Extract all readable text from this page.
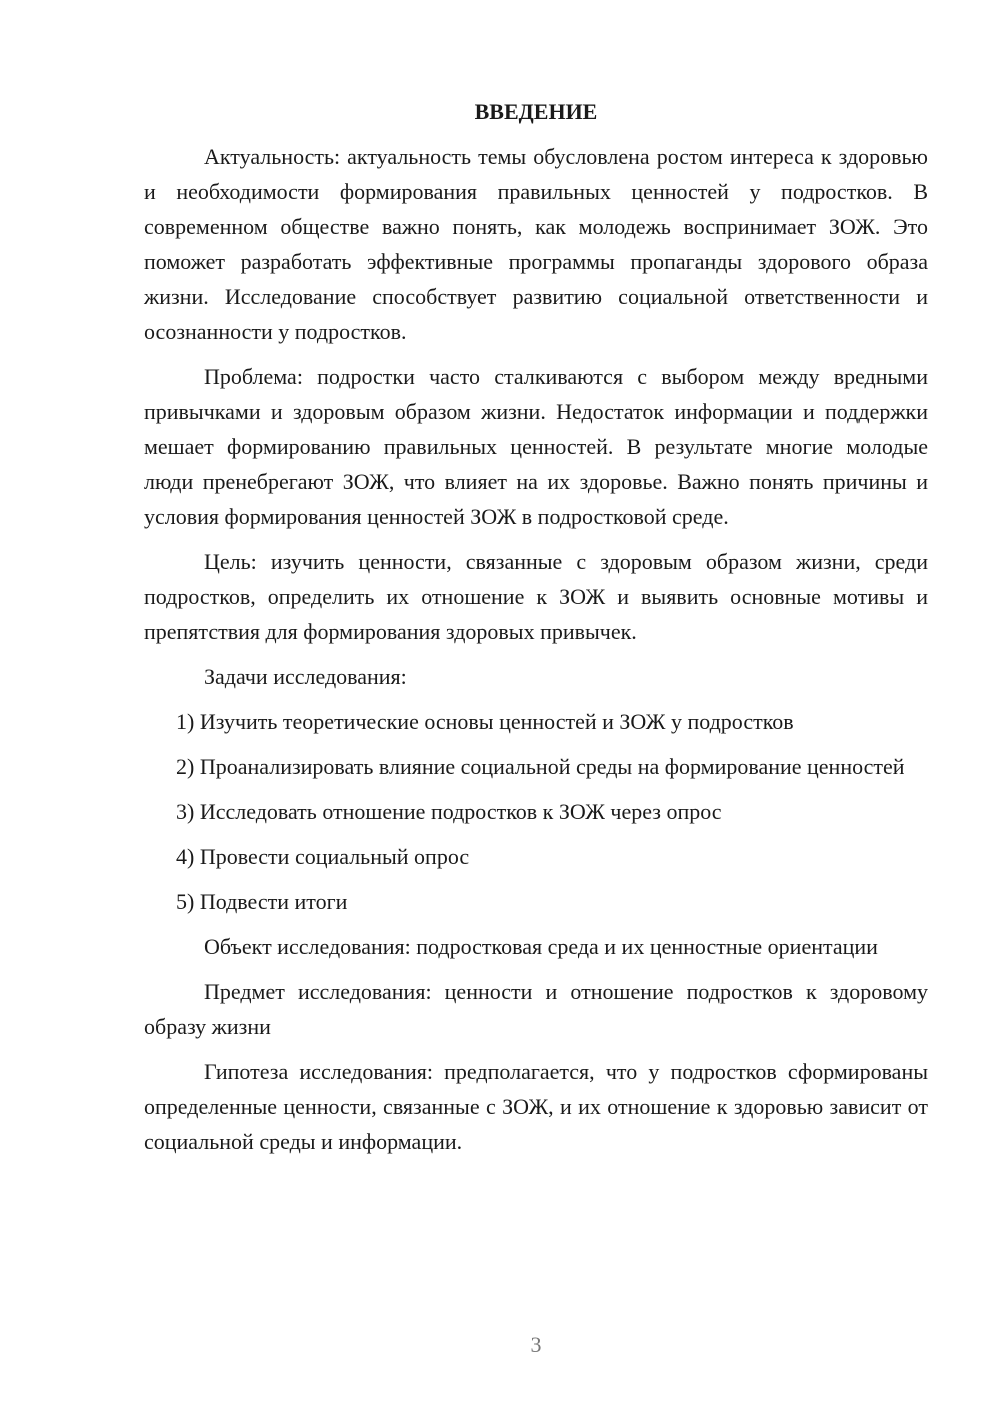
ВВЕДЕНИЕ

Актуальность: актуальность темы обусловлена ростом интереса к здоровью и необходимости формирования правильных ценностей у подростков. В современном обществе важно понять, как молодежь воспринимает ЗОЖ. Это поможет разработать эффективные программы пропаганды здорового образа жизни. Исследование способствует развитию социальной ответственности и осознанности у подростков.

Проблема: подростки часто сталкиваются с выбором между вредными привычками и здоровым образом жизни. Недостаток информации и поддержки мешает формированию правильных ценностей. В результате многие молодые люди пренебрегают ЗОЖ, что влияет на их здоровье. Важно понять причины и условия формирования ценностей ЗОЖ в подростковой среде.

Цель: изучить ценности, связанные с здоровым образом жизни, среди подростков, определить их отношение к ЗОЖ и выявить основные мотивы и препятствия для формирования здоровых привычек.

Задачи исследования:

1) Изучить теоретические основы ценностей и ЗОЖ у подростков

2) Проанализировать влияние социальной среды на формирование ценностей

3) Исследовать отношение подростков к ЗОЖ через опрос

4) Провести социальный опрос

5) Подвести итоги

Объект исследования: подростковая среда и их ценностные ориентации

Предмет исследования: ценности и отношение подростков к здоровому образу жизни

Гипотеза исследования: предполагается, что у подростков сформированы определенные ценности, связанные с ЗОЖ, и их отношение к здоровью зависит от социальной среды и информации.

3
